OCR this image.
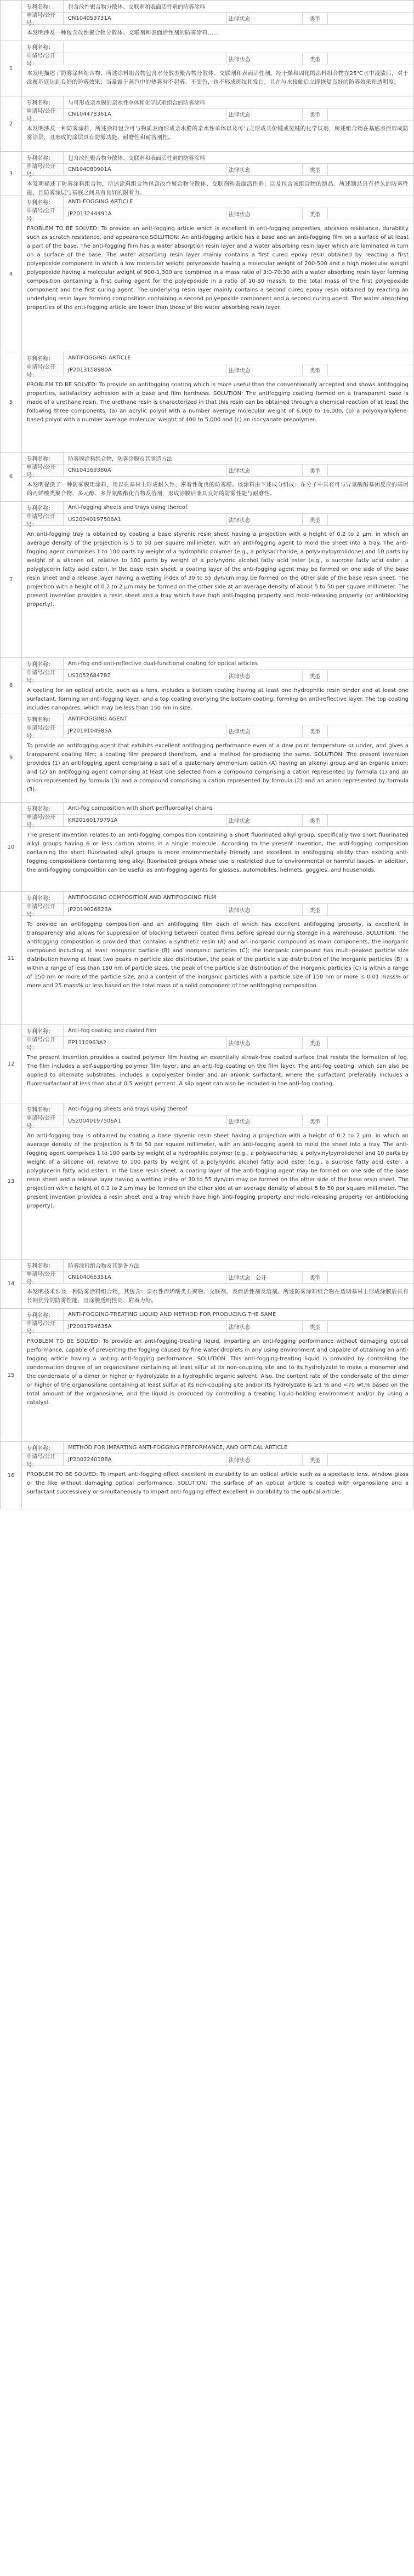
专利名称：	包含改性聚合物分散体、交联剂和表面活性剂的防雾涂料
申请号/公开号：
CN104053731A	法律状态	类型
本发明涉及一种包含改性聚合物分散体、交联剂和表面活性剂的防雾涂料……
1
专利名称：
申请号/公开号：
法律状态	类型
本发明描述了防雾涂料组合物，所述涂料组合物包含水分散型聚合物分散体、交联剂和表面活性剂。经干燥和固化的涂料组合物在25℃水中浸渍后，对于涂覆基底达到良好的防雾效果；当暴露于蒸汽中的热雾时不起雾、不变色，也不形成斑纹和发白，且在与水接触后立即恢复良好的防雾效果和透明度。
2
专利名称：	与可形成亲水膜的亲水性单体和化学试剂组合的防雾涂料
申请号/公开号：
CN104478361A	法律状态	类型
本发明涉及一种防雾涂料，所述涂料包含可与物质表面形成亲水膜的亲水性单体以及可与之形成共价键或氢键的化学试剂，所述组合物在基底表面形成防雾涂层，且形成的涂层具有防雾功能、耐磨性和耐溶剂性。
3
专利名称：	包含改性聚合物分散体、交联剂和表面活性剂的防雾涂料
申请号/公开号：
CN104080901A	法律状态	类型
本发明描述了防雾涂料组合物，所述涂料组合物包含改性聚合物分散体、交联剂和表面活性剂；以及包含该组合物的制品。所述制品具有持久的防雾性能，且防雾涂层与基底之间具有良好的附着力。
4
专利名称：	ANTI-FOGGING ARTICLE
申请号/公开号：
JP2013244491A	法律状态	类型
PROBLEM TO BE SOLVED: To provide an anti-fogging article which is excellent in anti-fogging properties, abrasion resistance, durability such as scratch resistance, and appearance.SOLUTION: An anti-fogging article has a base and an anti-fogging film on a surface of at least a part of the base. The anti-fogging film has a water absorption resin layer and a water absorbing resin layer which are laminated in turn on a surface of the base. The water absorbing resin layer mainly contains a first cured epoxy resin obtained by reacting a first polyepoxide component in which a low molecular weight polyepoxide having a molecular weight of 200-500 and a high molecular weight polyepoxide having a molecular weight of 900-1,300 are combined in a mass ratio of 3:0-70:30 with a water absorbing resin layer forming composition containing a first curing agent for the polyepoxide in a ratio of 10-30 mass% to the total mass of the first polyepoxide component and the first curing agent. The underlying resin layer mainly contains a second cured epoxy resin obtained by reacting an underlying resin layer forming composition containing a second polyepoxide component and a second curing agent. The water absorbing properties of the anti-fogging article are lower than those of the water absorbing resin layer.
5
专利名称：	ANTIFOGGING ARTICLE
申请号/公开号：
JP2013158980A	法律状态	类型
PROBLEM TO BE SOLVED: To provide an antifogging coating which is more useful than the conventionally accepted and shows antifogging properties, satisfactory adhesion with a base and film hardness. SOLUTION: The antifogging coating formed on a transparent base is made of a urethane resin. The urethane resin is characterized in that this resin can be obtained through a chemical reaction of at least the following three components: (a) an acrylic polyol with a number average molecular weight of 6,000 to 16,000, (b) a polyoxyalkylene-based polyol with a number average molecular weight of 400 to 5,000 and (c) an isocyanate prepolymer.
6
专利名称：	防雾膜涂料组合物，防雾涂膜及其制造方法
申请号/公开号：
CN104169380A	法律状态	类型
本发明提供了一种防雾膜用涂料，用以在基材上形成耐久性、密着性优良的防雾膜。该涂料由下述成分组成：在分子中具有可与异氰酸酯基团反应的基团的丙烯酸类聚合物、多元醇、多异氰酸酯化合物及溶剂，形成涂膜后兼具良好的防雾性能与耐磨性。
7
专利名称：	Anti-fogging sheets and trays using thereof
申请号/公开号：
US20040197506A1	法律状态	类型
An anti-fogging tray is obtained by coating a base styrenic resin sheet having a projection with a height of 0.2 to 2 μm, in which an average density of the projection is 5 to 50 per square millimeter, with an anti-fogging agent to mold the sheet into a tray. The anti-fogging agent comprises 1 to 100 parts by weight of a hydrophilic polymer (e.g., a polysaccharide, a polyvinylpyrrolidone) and 10 parts by weight of a silicone oil, relative to 100 parts by weight of a polyhydric alcohol fatty acid ester (e.g., a sucrose fatty acid ester, a polyglycerin fatty acid ester). In the base resin sheet, a coating layer of the anti-fogging agent may be formed on one side of the base resin sheet and a release layer having a wetting index of 30 to 55 dyn/cm may be formed on the other side of the base resin sheet. The projection with a height of 0.2 to 2 μm may be formed on the other side at an average density of about 5 to 50 per square millimeter. The present invention provides a resin sheet and a tray which have high anti-fogging property and mold-releasing property (or antiblocking property).
8
专利名称：	Anti-fog and anti-reflective dual-functional coating for optical articles
申请号/公开号：
US10526847B2	法律状态	类型
A coating for an optical article, such as a lens, includes a bottom coating having at least one hydrophilic resin binder and at least one surfactant, forming an anti-fogging layer, and a top coating overlying the bottom coating, forming an anti-reflective layer. The top coating includes nanopores, which may be less than 150 nm in size.
9
专利名称：	ANTIFOGGING AGENT
申请号/公开号：
JP2019104985A	法律状态	类型
To provide an antifogging agent that exhibits excellent antifogging performance even at a dew point temperature or under, and gives a transparent coating film; a coating film prepared therefrom, and a method for producing the same. SOLUTION: The present invention provides (1) an antifogging agent comprising a salt of a quaternary ammonium cation (A) having an alkenyl group and an organic anion; and (2) an antifogging agent comprising at least one selected from a compound comprising a cation represented by formula (1) and an anion represented by formula (3) and a compound comprising a cation represented by formula (2) and an anion represented by formula (3).
10
专利名称：	Anti-fog composition with short perfluoroalkyl chains
申请号/公开号：
KR20160179791A	法律状态	类型
The present invention relates to an anti-fogging composition containing a short fluorinated alkyl group, specifically two short fluorinated alkyl groups having 6 or less carbon atoms in a single molecule. According to the present invention, the anti-fogging composition containing the short fluorinated alkyl groups is more environmentally friendly and excellent in antifogging ability than existing anti-fogging compositions containing long alkyl fluorinated groups whose use is restricted due to environmental or harmful issues. In addition, the anti-fogging composition can be useful as anti-fogging agents for glasses, automobiles, helmets, goggles, and households.
11
专利名称：	ANTIFOGGING COMPOSITION AND ANTIFOGGING FILM
申请号/公开号：
JP2019026823A	法律状态	类型
To provide an antifogging composition and an antifogging film each of which has excellent antifogging property, is excellent in transparency and allows for suppression of blocking between coated films before spread during storage in a warehouse. SOLUTION: The antifogging composition is provided that contains a synthetic resin (A) and an inorganic compound as main components, the inorganic compound including at least inorganic particle (B) and inorganic particles (C); the inorganic compound has multi-peaked particle size distribution having at least two peaks in particle size distribution, the peak of the particle size distribution of the inorganic particles (B) is within a range of less than 150 nm of particle sizes, the peak of the particle size distribution of the inorganic particles (C) is within a range of 150 nm or more of the particle size, and a content of the inorganic particles with a particle size of 150 nm or more is 0.01 mass% or more and 25 mass% or less based on the total mass of a solid component of the antifogging composition.
12
专利名称：	Anti-fog coating and coated film
申请号/公开号：
EP1110963A2	法律状态	类型
The present invention provides a coated polymer film having an essentially streak-free coated surface that resists the formation of fog. The film includes a self-supporting polymer film layer, and an anti-fog coating on the film layer. The anti-fog coating, which can also be applied to alternate substrates, includes a copolyester binder and an anionic surfactant, where the surfactant preferably includes a fluorosurfactant at less than about 0.5 weight percent. A slip agent can also be included in the anti-fog coating.
13
专利名称：	Anti-fogging sheets and trays using thereof
申请号/公开号：
US20040197506A1	法律状态	类型
An anti-fogging tray is obtained by coating a base styrenic resin sheet having a projection with a height of 0.2 to 2 μm, in which an average density of the projection is 5 to 50 per square millimeter, with an anti-fogging agent to mold the sheet into a tray. The anti-fogging agent comprises 1 to 100 parts by weight of a hydrophilic polymer (e.g., a polysaccharide, a polyvinylpyrrolidone) and 10 parts by weight of a silicone oil, relative to 100 parts by weight of a polyhydric alcohol fatty acid ester (e.g., a sucrose fatty acid ester, a polyglycerin fatty acid ester). In the base resin sheet, a coating layer of the anti-fogging agent may be formed on one side of the base resin sheet and a release layer having a wetting index of 30 to 55 dyn/cm may be formed on the other side of the base resin sheet. The projection with a height of 0.2 to 2 μm may be formed on the other side at an average density of about 5 to 50 per square millimeter. The present invention provides a resin sheet and a tray which have high anti-fogging property and mold-releasing property (or antiblocking property).
14
专利名称：	防雾涂料组合物及其制备方法
申请号/公开号：
CN104066351A	法律状态 公开	类型
本发明技术涉及一种防雾涂料组合物，其包含：亲水性丙烯酸类共聚物、交联剂、表面活性剂及溶剂。所述防雾涂料组合物在透明基材上形成涂膜后具有长期优异的防雾性能，且涂膜透明性高、附着力好。
15
专利名称：	ANTI-FOGGING-TREATING LIQUID AND METHOD FOR PRODUCING THE SAME
申请号/公开号：
JP2001794635A	法律状态	类型
PROBLEM TO BE SOLVED: To provide an anti-fogging-treating liquid, imparting an anti-fogging performance without damaging optical performance, capable of preventing the fogging caused by fine water droplets in any using environment and capable of obtaining an anti-fogging article having a lasting anti-fogging performance. SOLUTION: This anti-fogging-treating liquid is provided by controlling the condensation degree of an organosilane containing at least silfur at its non-coupling site and to its hydrolyzate to make a monomer and the condensate of a dimer or higher or hydrolyzate in a hydrophilic organic solvent. Also, the content rate of the condensate of the dimer or higher of the organosilane containing at least sulfur at its non-coupling site and/or its hydrolyzate is ≥1 % and <70 wt.% based on the total amount of the organosilane, and the liquid is produced by controlling a treating liquid-holding environment and/or by using a catalyst.
16
专利名称：	METHOD FOR IMPARTING ANTI-FOGGING PERFORMANCE, AND OPTICAL ARTICLE
申请号/公开号：
JP2002240188A	法律状态	类型
PROBLEM TO BE SOLVED: To impart anti-fogging effect excellent in durability to an optical article such as a spectacle lens, window glass or the like without damaging optical performance. SOLUTION: The surface of an optical article is coated with organosilane and a surfactant successively or simultaneously to impart anti-fogging effect excellent in durability to the optical article.
